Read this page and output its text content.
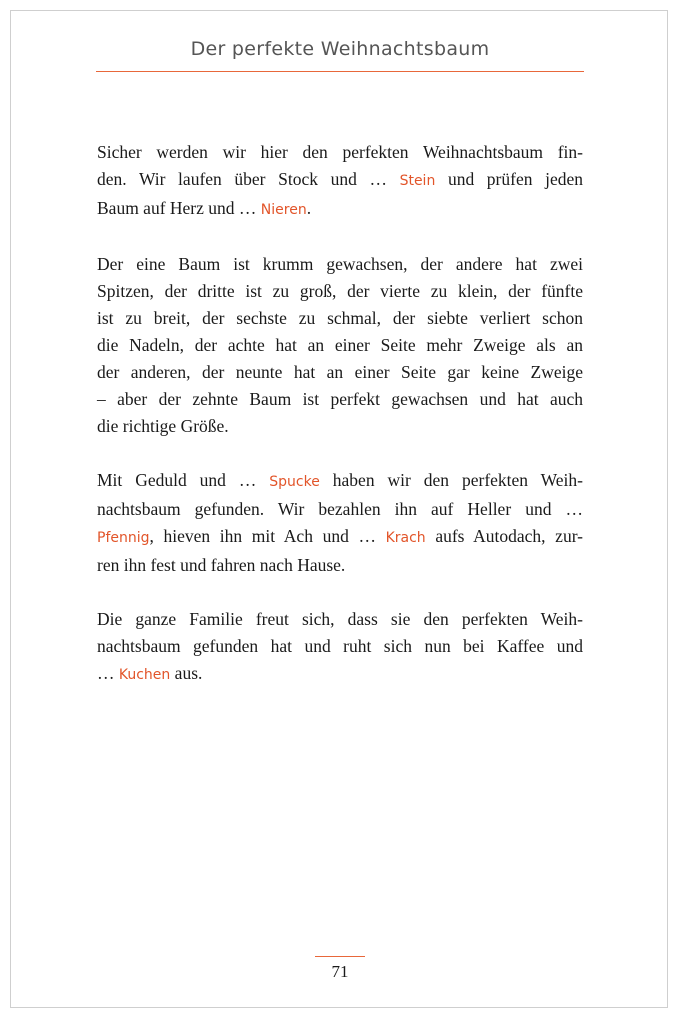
Der perfekte Weihnachtsbaum

Sicher werden wir hier den perfekten Weihnachtsbaum fin-
den. Wir laufen über Stock und … Stein und prüfen jeden
Baum auf Herz und … Nieren.

Der eine Baum ist krumm gewachsen, der andere hat zwei
Spitzen, der dritte ist zu groß, der vierte zu klein, der fünfte
ist zu breit, der sechste zu schmal, der siebte verliert schon
die Nadeln, der achte hat an einer Seite mehr Zweige als an
der anderen, der neunte hat an einer Seite gar keine Zweige
– aber der zehnte Baum ist perfekt gewachsen und hat auch
die richtige Größe.

Mit Geduld und … Spucke haben wir den perfekten Weih-
nachtsbaum gefunden. Wir bezahlen ihn auf Heller und …
Pfennig, hieven ihn mit Ach und … Krach aufs Autodach, zur-
ren ihn fest und fahren nach Hause.

Die ganze Familie freut sich, dass sie den perfekten Weih-
nachtsbaum gefunden hat und ruht sich nun bei Kaffee und
… Kuchen aus.

71
